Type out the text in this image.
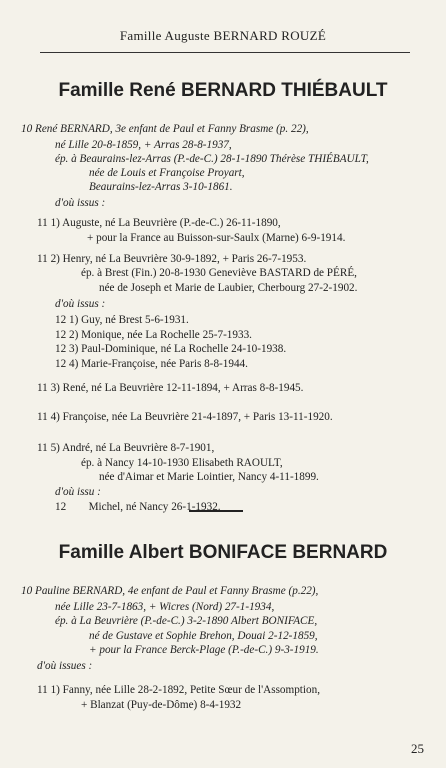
Famille Auguste BERNARD ROUZÉ
Famille René BERNARD THIÉBAULT
10 René BERNARD, 3e enfant de Paul et Fanny Brasme (p. 22),
né Lille 20-8-1859, + Arras 28-8-1937,
ép. à Beaurains-lez-Arras (P.-de-C.) 28-1-1890 Thérèse THIÉBAULT,
née de Louis et Françoise Proyart,
Beaurains-lez-Arras 3-10-1861.
d'où issus :
11 1) Auguste, né La Beuvrière (P.-de-C.) 26-11-1890,
+ pour la France au Buisson-sur-Saulx (Marne) 6-9-1914.
11 2) Henry, né La Beuvrière 30-9-1892, + Paris 26-7-1953.
ép. à Brest (Fin.) 20-8-1930 Geneviève BASTARD de PÉRÉ,
née de Joseph et Marie de Laubier, Cherbourg 27-2-1902.
d'où issus :
12 1) Guy, né Brest 5-6-1931.
12 2) Monique, née La Rochelle 25-7-1933.
12 3) Paul-Dominique, né La Rochelle 24-10-1938.
12 4) Marie-Françoise, née Paris 8-8-1944.
11 3) René, né La Beuvrière 12-11-1894, + Arras 8-8-1945.
11 4) Françoise, née La Beuvrière 21-4-1897, + Paris 13-11-1920.
11 5) André, né La Beuvrière 8-7-1901,
ép. à Nancy 14-10-1930 Elisabeth RAOULT,
née d'Aimar et Marie Lointier, Nancy 4-11-1899.
d'où issu :
12        Michel, né Nancy 26-1-1932.
Famille Albert BONIFACE BERNARD
10 Pauline BERNARD, 4e enfant de Paul et Fanny Brasme (p.22),
née Lille 23-7-1863, + Wicres (Nord) 27-1-1934,
ép. à La Beuvrière (P.-de-C.) 3-2-1890 Albert BONIFACE,
né de Gustave et Sophie Brehon, Douai 2-12-1859,
+ pour la France Berck-Plage (P.-de-C.) 9-3-1919.
d'où issues :
11 1) Fanny, née Lille 28-2-1892, Petite Sœur de l'Assomption,
+ Blanzat (Puy-de-Dôme) 8-4-1932
25
